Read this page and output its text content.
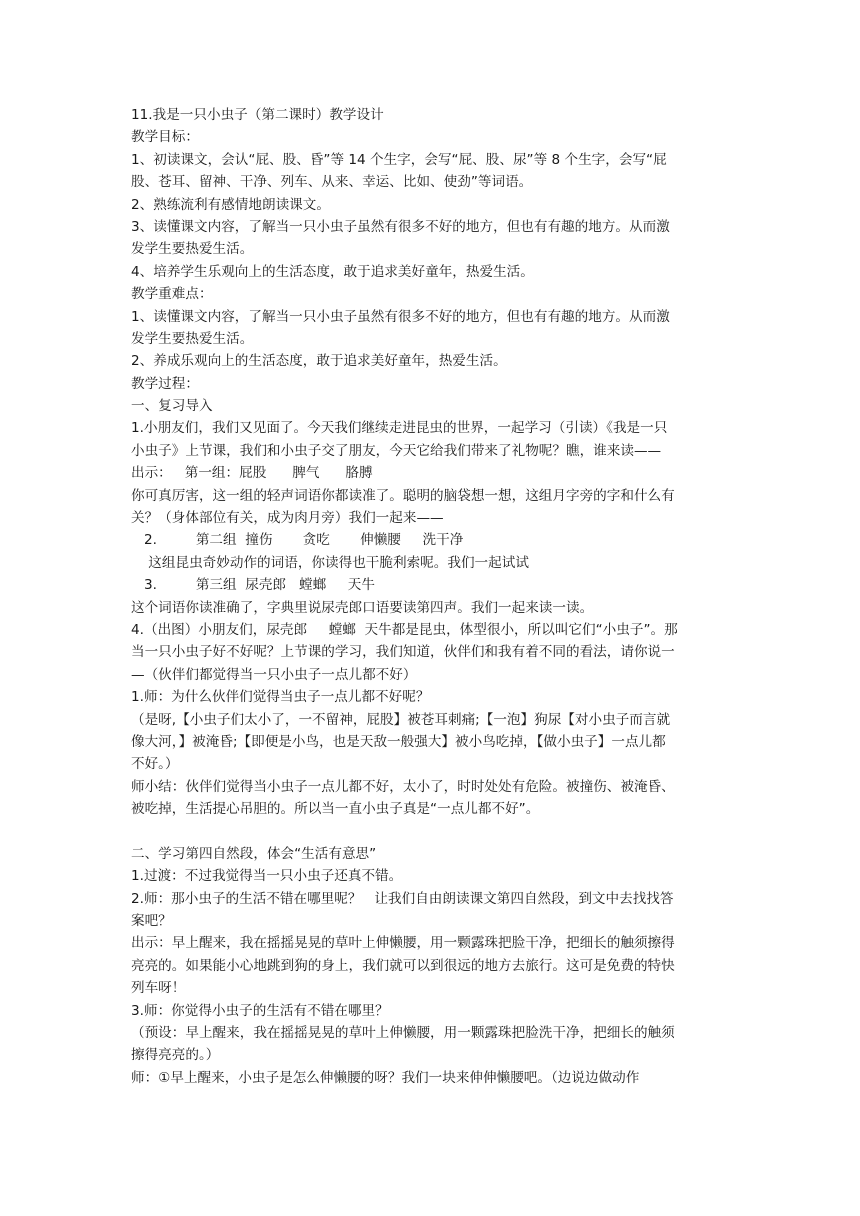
11.我是一只小虫子（第二课时）教学设计
教学目标：
1、初读课文，会认“屁、股、昏”等 14 个生字，会写“屁、股、尿”等 8 个生字，会写“屁
股、苍耳、留神、干净、列车、从来、幸运、比如、使劲”等词语。
2、熟练流利有感情地朗读课文。
3、读懂课文内容，了解当一只小虫子虽然有很多不好的地方，但也有有趣的地方。从而激
发学生要热爱生活。
4、培养学生乐观向上的生活态度，敢于追求美好童年，热爱生活。
教学重难点：
1、读懂课文内容，了解当一只小虫子虽然有很多不好的地方，但也有有趣的地方。从而激
发学生要热爱生活。
2、养成乐观向上的生活态度，敢于追求美好童年，热爱生活。
教学过程：
一、复习导入
1.小朋友们，我们又见面了。今天我们继续走进昆虫的世界，一起学习（引读）《我是一只
小虫子》上节课，我们和小虫子交了朋友，今天它给我们带来了礼物呢？瞧，谁来读——
出示：   第一组：屁股      脾气      胳膊
你可真厉害，这一组的轻声词语你都读准了。聪明的脑袋想一想，这组月字旁的字和什么有
关？（身体部位有关，成为肉月旁）我们一起来——
2.         第二组  撞伤       贪吃       伸懒腰     洗干净
这组昆虫奇妙动作的词语，你读得也干脆利索呢。我们一起试试
3.         第三组  尿壳郎   螳螂     天牛
这个词语你读准确了，字典里说尿壳郎口语要读第四声。我们一起来读一读。
4.（出图）小朋友们，尿壳郎     螳螂  天牛都是昆虫，体型很小，所以叫它们“小虫子”。那
当一只小虫子好不好呢？上节课的学习，我们知道，伙伴们和我有着不同的看法，请你说一
—（伙伴们都觉得当一只小虫子一点儿都不好）
1.师：为什么伙伴们觉得当虫子一点儿都不好呢？
（是呀,【小虫子们太小了，一不留神，屁股】被苍耳刺痛;【一泡】狗尿【对小虫子而言就
像大河，】被淹昏;【即便是小鸟，也是天敌一般强大】被小鸟吃掉，【做小虫子】一点儿都
不好。）
师小结：伙伴们觉得当小虫子一点儿都不好，太小了，时时处处有危险。被撞伤、被淹昏、
被吃掉，生活提心吊胆的。所以当一直小虫子真是“一点儿都不好”。
二、学习第四自然段，体会“生活有意思”
1.过渡：不过我觉得当一只小虫子还真不错。
2.师：那小虫子的生活不错在哪里呢？   让我们自由朗读课文第四自然段，到文中去找找答
案吧？
出示：早上醒来，我在摇摇晃晃的草叶上伸懒腰，用一颗露珠把脸干净，把细长的触须擦得
亮亮的。如果能小心地跳到狗的身上，我们就可以到很远的地方去旅行。这可是免费的特快
列车呀！
3.师：你觉得小虫子的生活有不错在哪里？
（预设：早上醒来，我在摇摇晃晃的草叶上伸懒腰，用一颗露珠把脸洗干净，把细长的触须
擦得亮亮的。）
师：①早上醒来，小虫子是怎么伸懒腰的呀？我们一块来伸伸懒腰吧。（边说边做动作
